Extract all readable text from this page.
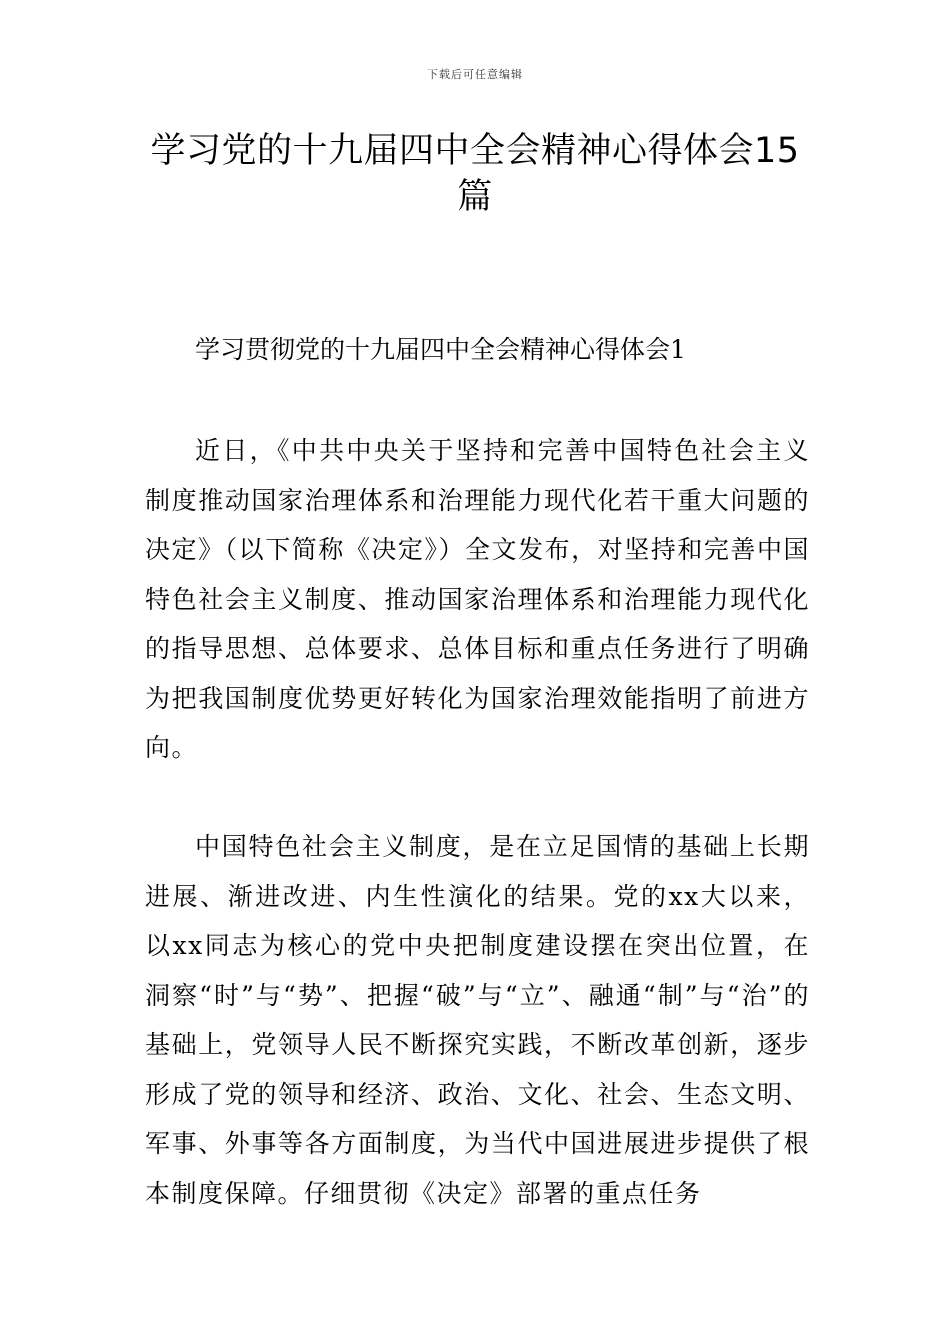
下载后可任意编辑
学习党的十九届四中全会精神心得体会15篇

学习贯彻党的十九届四中全会精神心得体会1

近日，《中共中央关于坚持和完善中国特色社会主义制度推动国家治理体系和治理能力现代化若干重大问题的决定》（以下简称《决定》）全文发布，对坚持和完善中国特色社会主义制度、推动国家治理体系和治理能力现代化的指导思想、总体要求、总体目标和重点任务进行了明确为把我国制度优势更好转化为国家治理效能指明了前进方向。

中国特色社会主义制度，是在立足国情的基础上长期进展、渐进改进、内生性演化的结果。党的xx大以来，以xx同志为核心的党中央把制度建设摆在突出位置，在洞察“时”与“势”、把握“破”与“立”、融通“制”与“治”的基础上，党领导人民不断探究实践，不断改革创新，逐步形成了党的领导和经济、政治、文化、社会、生态文明、军事、外事等各方面制度，为当代中国进展进步提供了根本制度保障。仔细贯彻《决定》部署的重点任务
